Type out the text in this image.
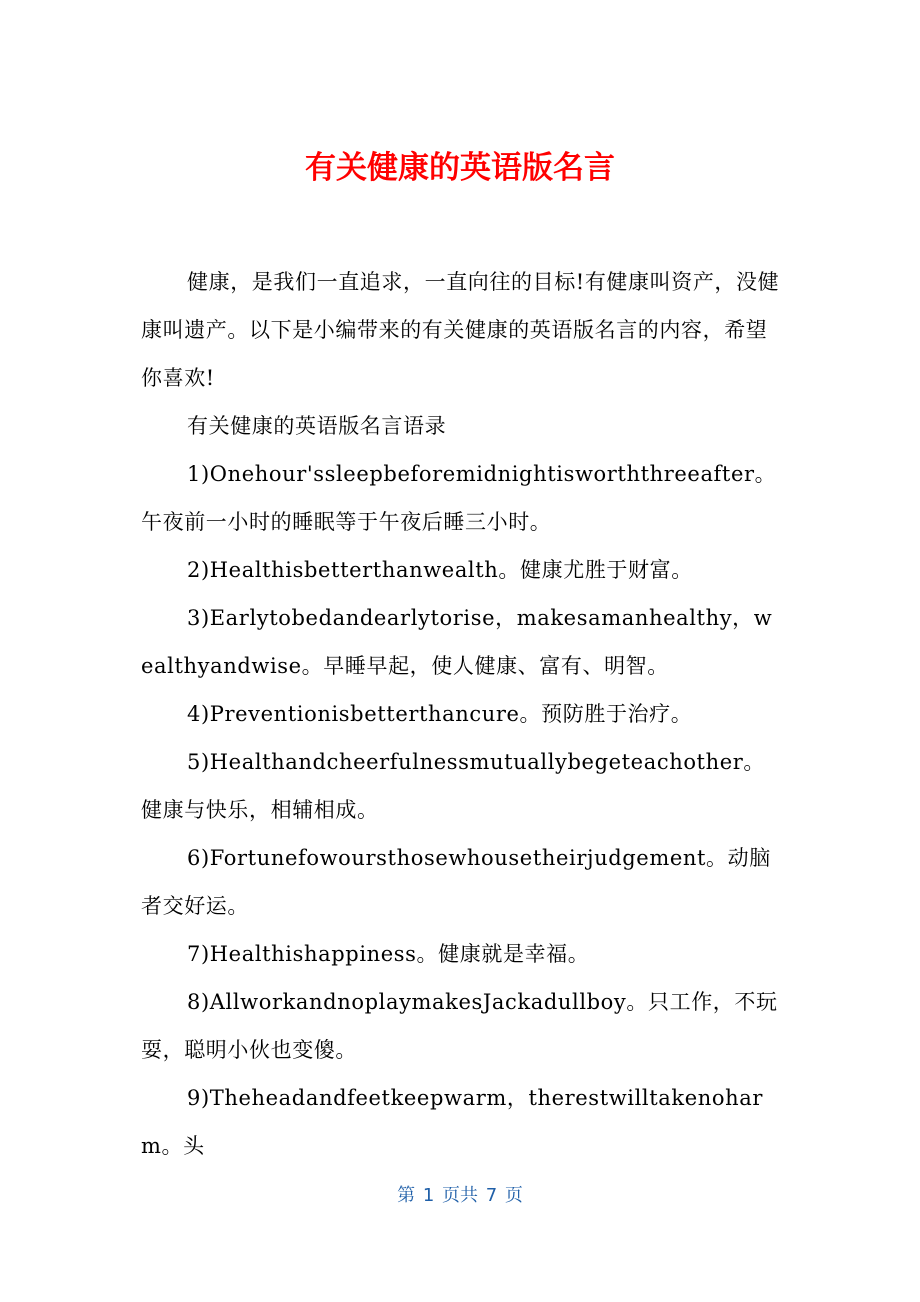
有关健康的英语版名言

健康，是我们一直追求，一直向往的目标!有健康叫资产，没健康叫遗产。以下是小编带来的有关健康的英语版名言的内容，希望你喜欢!

有关健康的英语版名言语录

1)Onehour'ssleepbeforemidnightisworththreeafter。午夜前一小时的睡眠等于午夜后睡三小时。

2)Healthisbetterthanwealth。健康尤胜于财富。

3)Earlytobedandearlytorise，makesamanhealthy，wealthyandwise。早睡早起，使人健康、富有、明智。

4)Preventionisbetterthancure。预防胜于治疗。

5)Healthandcheerfulnessmutuallybegeteachother。健康与快乐，相辅相成。

6)Fortunefowoursthosewhousetheirjudgement。动脑者交好运。

7)Healthishappiness。健康就是幸福。

8)AllworkandnoplaymakesJackadullboy。只工作，不玩耍，聪明小伙也变傻。

9)Theheadandfeetkeepwarm，therestwilltakenoharm。头

第 1 页共 7 页
